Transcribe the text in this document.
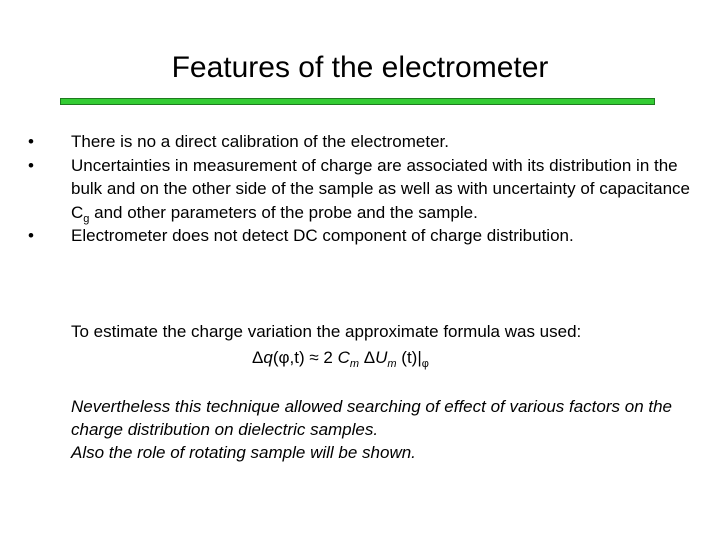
Features of the electrometer
•	There is no a direct calibration of the electrometer.
•	Uncertainties in measurement of charge are associated with its distribution in the bulk and on the other side of the sample as well as with uncertainty of capacitance $C_g$ and other parameters of the probe and the sample.
•	Electrometer does not detect DC component of charge distribution.
To estimate the charge variation the approximate formula was used:
Δq(φ,t) ≈ 2 $C_m$ $\Delta U_m$ $(t)|_\varphi$
Nevertheless this technique allowed searching of effect of various factors on the charge distribution on dielectric samples.
Also the role of rotating sample will be shown.
